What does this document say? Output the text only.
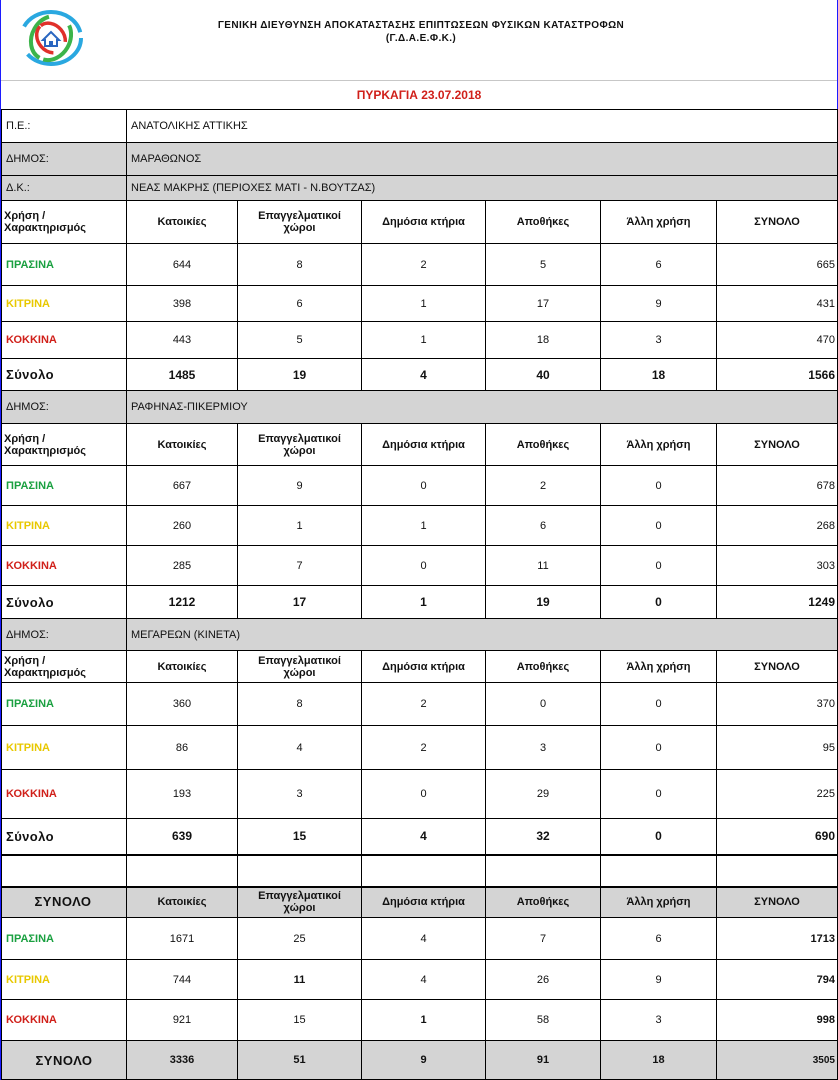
ΓΕΝΙΚΗ ΔΙΕΥΘΥΝΣΗ ΑΠΟΚΑΤΑΣΤΑΣΗΣ ΕΠΙΠΤΩΣΕΩΝ ΦΥΣΙΚΩΝ ΚΑΤΑΣΤΡΟΦΩΝ
(Γ.Δ.Α.Ε.Φ.Κ.)
ΠΥΡΚΑΓΙΑ 23.07.2018
Π.Ε.:	ΑΝΑΤΟΛΙΚΗΣ ΑΤΤΙΚΗΣ					
ΔΗΜΟΣ:	ΜΑΡΑΘΩΝΟΣ					
Δ.Κ.:	ΝΕΑΣ ΜΑΚΡΗΣ (ΠΕΡΙΟΧΕΣ ΜΑΤΙ - Ν.ΒΟΥΤΖΑΣ)					
Χρήση / Χαρακτηρισμός	Κατοικίες	Επαγγελματικοί χώροι	Δημόσια κτήρια	Αποθήκες	Άλλη χρήση	ΣΥΝΟΛΟ
ΠΡΑΣΙΝΑ	644	8	2	5	6	665
ΚΙΤΡΙΝΑ	398	6	1	17	9	431
ΚΟΚΚΙΝΑ	443	5	1	18	3	470
Σύνολο	1485	19	4	40	18	1566
ΔΗΜΟΣ:	ΡΑΦΗΝΑΣ-ΠΙΚΕΡΜΙΟΥ					
Χρήση / Χαρακτηρισμός	Κατοικίες	Επαγγελματικοί χώροι	Δημόσια κτήρια	Αποθήκες	Άλλη χρήση	ΣΥΝΟΛΟ
ΠΡΑΣΙΝΑ	667	9	0	2	0	678
ΚΙΤΡΙΝΑ	260	1	1	6	0	268
ΚΟΚΚΙΝΑ	285	7	0	11	0	303
Σύνολο	1212	17	1	19	0	1249
ΔΗΜΟΣ:	ΜΕΓΑΡΕΩΝ (ΚΙΝΕΤΑ)					
Χρήση / Χαρακτηρισμός	Κατοικίες	Επαγγελματικοί χώροι	Δημόσια κτήρια	Αποθήκες	Άλλη χρήση	ΣΥΝΟΛΟ
ΠΡΑΣΙΝΑ	360	8	2	0	0	370
ΚΙΤΡΙΝΑ	86	4	2	3	0	95
ΚΟΚΚΙΝΑ	193	3	0	29	0	225
Σύνολο	639	15	4	32	0	690

ΣΥΝΟΛΟ	Κατοικίες	Επαγγελματικοί χώροι	Δημόσια κτήρια	Αποθήκες	Άλλη χρήση	ΣΥΝΟΛΟ
ΠΡΑΣΙΝΑ	1671	25	4	7	6	1713
ΚΙΤΡΙΝΑ	744	11	4	26	9	794
ΚΟΚΚΙΝΑ	921	15	1	58	3	998
ΣΥΝΟΛΟ	3336	51	9	91	18	3505
